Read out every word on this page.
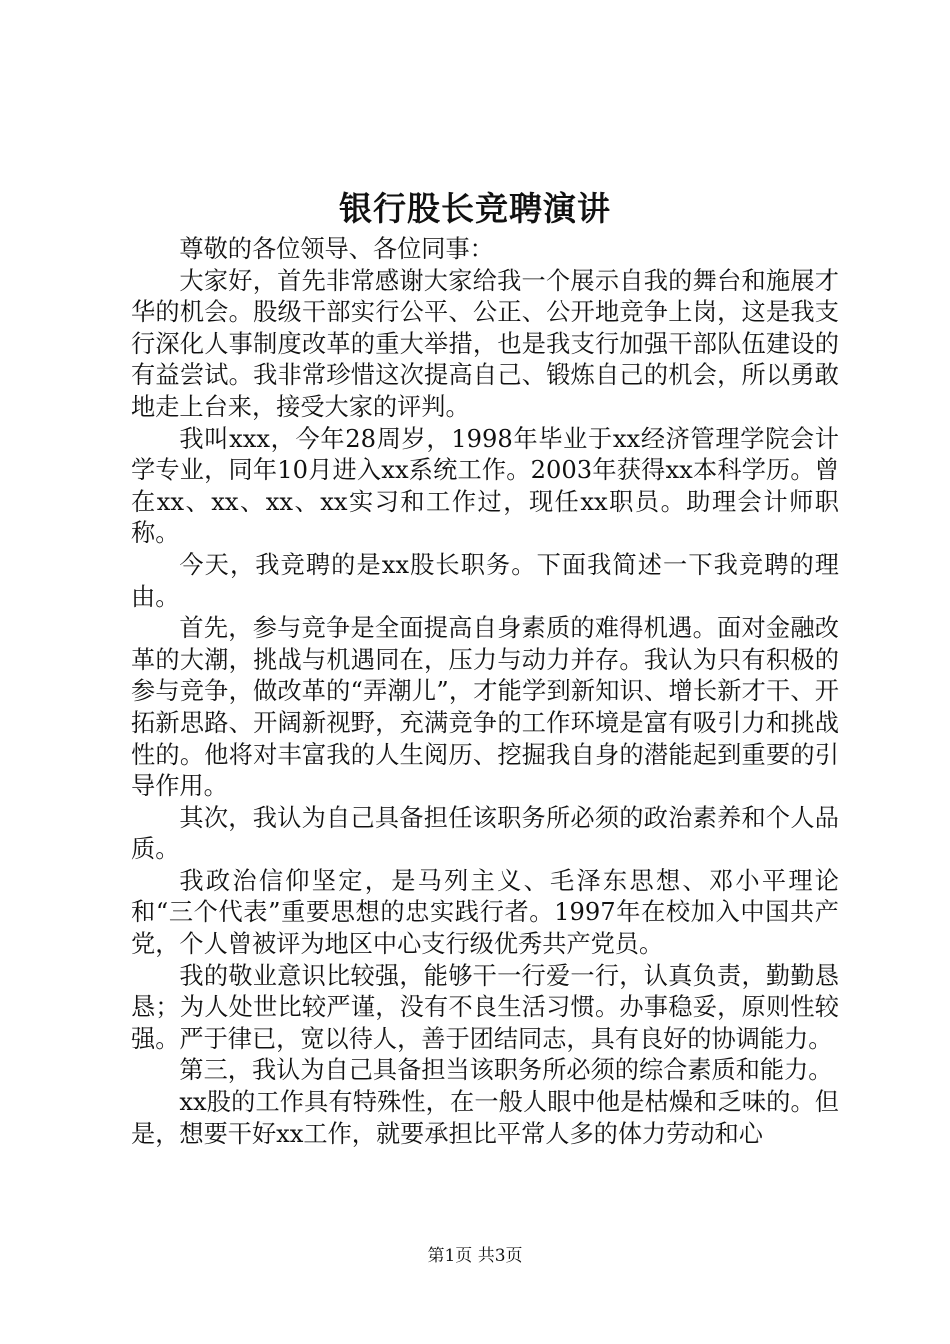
银行股长竞聘演讲

尊敬的各位领导、各位同事：

大家好，首先非常感谢大家给我一个展示自我的舞台和施展才华的机会。股级干部实行公平、公正、公开地竞争上岗，这是我支行深化人事制度改革的重大举措，也是我支行加强干部队伍建设的有益尝试。我非常珍惜这次提高自己、锻炼自己的机会，所以勇敢地走上台来，接受大家的评判。

我叫xxx，今年28周岁，1998年毕业于xx经济管理学院会计学专业，同年10月进入xx系统工作。2003年获得xx本科学历。曾在xx、xx、xx、xx实习和工作过，现任xx职员。助理会计师职称。

今天，我竞聘的是xx股长职务。下面我简述一下我竞聘的理由。

首先，参与竞争是全面提高自身素质的难得机遇。面对金融改革的大潮，挑战与机遇同在，压力与动力并存。我认为只有积极的参与竞争，做改革的“弄潮儿”，才能学到新知识、增长新才干、开拓新思路、开阔新视野，充满竞争的工作环境是富有吸引力和挑战性的。他将对丰富我的人生阅历、挖掘我自身的潜能起到重要的引导作用。

其次，我认为自己具备担任该职务所必须的政治素养和个人品质。

我政治信仰坚定，是马列主义、毛泽东思想、邓小平理论和“三个代表”重要思想的忠实践行者。1997年在校加入中国共产党，个人曾被评为地区中心支行级优秀共产党员。

我的敬业意识比较强，能够干一行爱一行，认真负责，勤勤恳恳；为人处世比较严谨，没有不良生活习惯。办事稳妥，原则性较强。严于律已，宽以待人，善于团结同志，具有良好的协调能力。

第三，我认为自己具备担当该职务所必须的综合素质和能力。

xx股的工作具有特殊性，在一般人眼中他是枯燥和乏味的。但是，想要干好xx工作，就要承担比平常人多的体力劳动和心

第1页 共3页
